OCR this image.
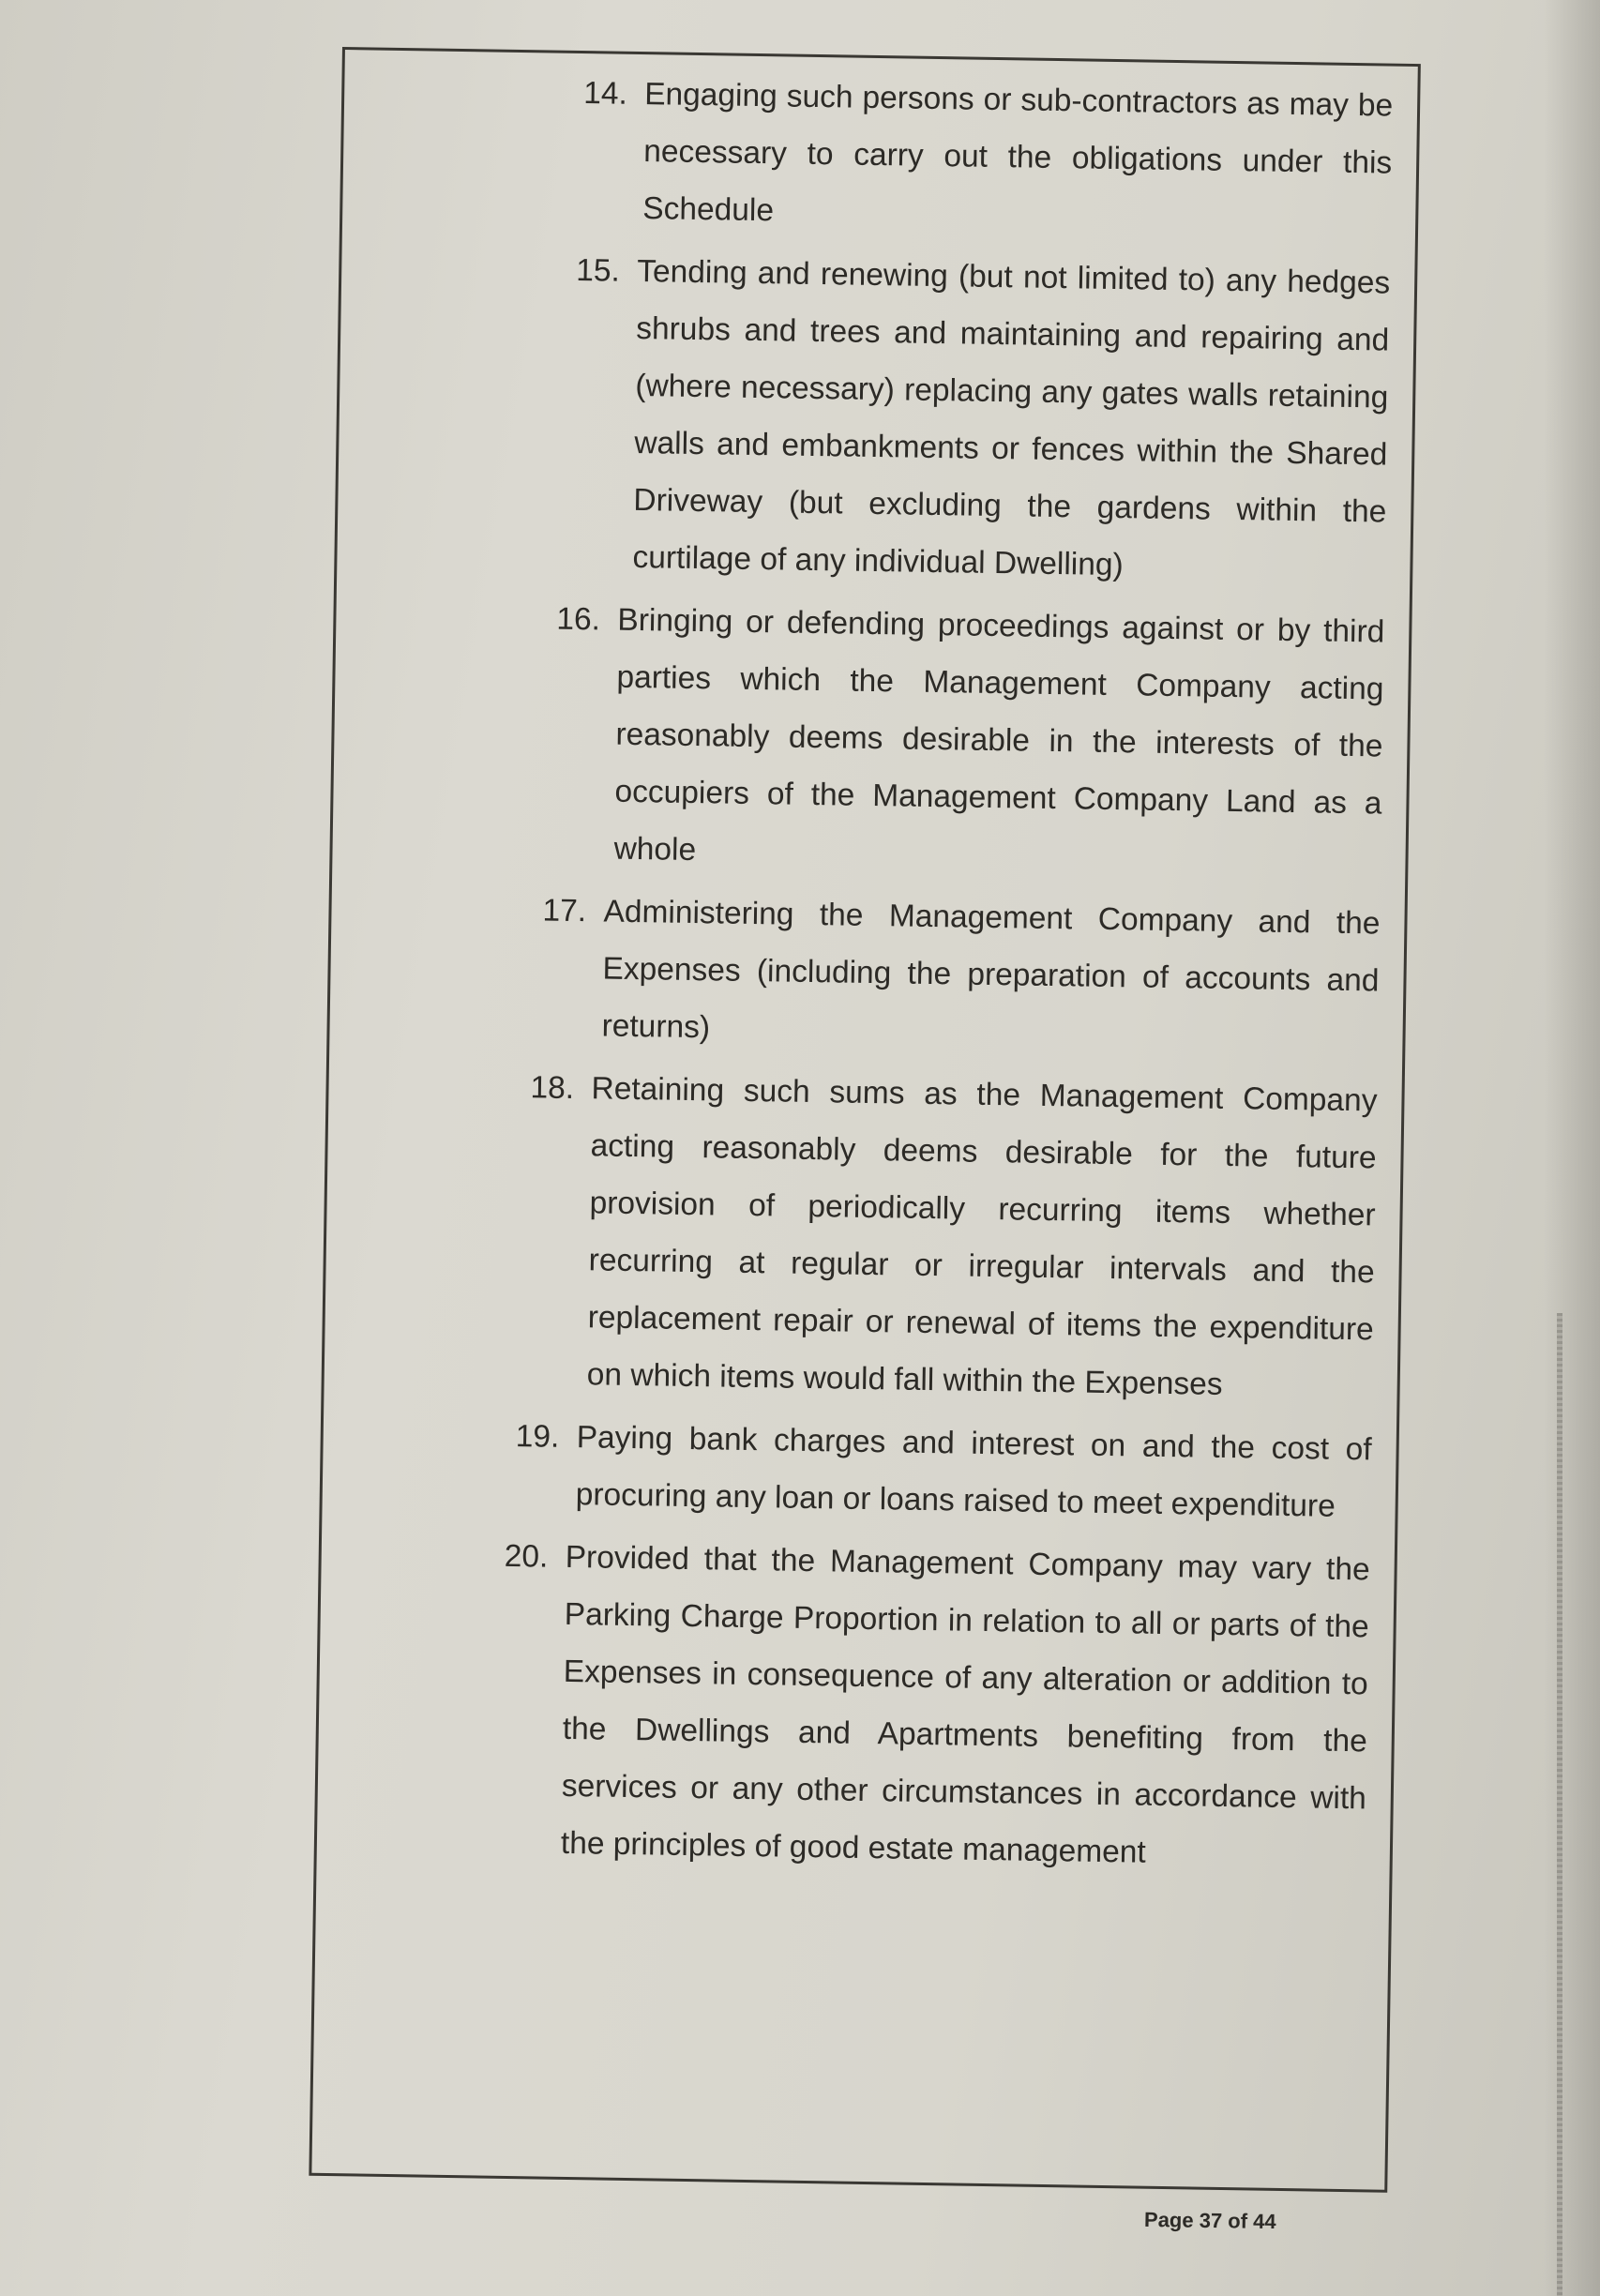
14. Engaging such persons or sub-contractors as may be necessary to carry out the obligations under this Schedule
15. Tending and renewing (but not limited to) any hedges shrubs and trees and maintaining and repairing and (where necessary) replacing any gates walls retaining walls and embankments or fences within the Shared Driveway (but excluding the gardens within the curtilage of any individual Dwelling)
16. Bringing or defending proceedings against or by third parties which the Management Company acting reasonably deems desirable in the interests of the occupiers of the Management Company Land as a whole
17. Administering the Management Company and the Expenses (including the preparation of accounts and returns)
18. Retaining such sums as the Management Company acting reasonably deems desirable for the future provision of periodically recurring items whether recurring at regular or irregular intervals and the replacement repair or renewal of items the expenditure on which items would fall within the Expenses
19. Paying bank charges and interest on and the cost of procuring any loan or loans raised to meet expenditure
20. Provided that the Management Company may vary the Parking Charge Proportion in relation to all or parts of the Expenses in consequence of any alteration or addition to the Dwellings and Apartments benefiting from the services or any other circumstances in accordance with the principles of good estate management
Page 37 of 44
